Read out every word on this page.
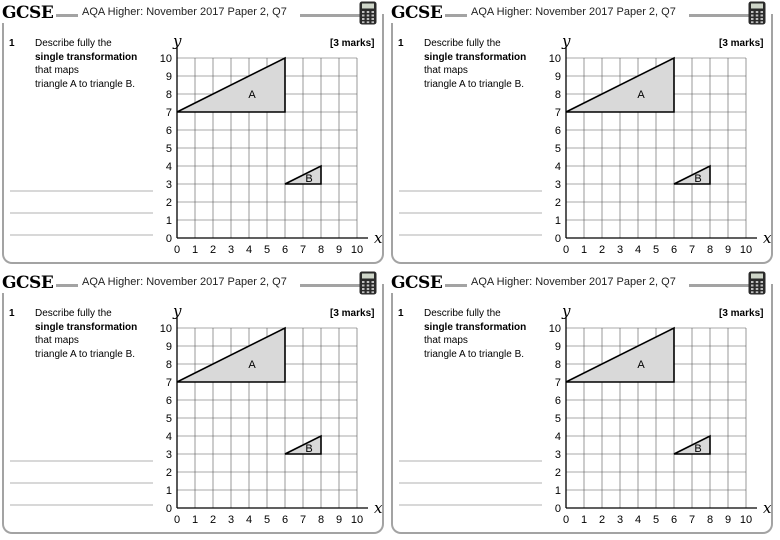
GCSE	AQA Higher: November 2017 Paper 2, Q7
1 Describe fully the
single transformation
that maps
triangle A to triangle B.
[3 marks]
A
B
0 1 2 3 4 5 6 7 8 9 10
0
1
2
3
4
5
6
7
8
9
10
x
y
GCSE	AQA Higher: November 2017 Paper 2, Q7
1 Describe fully the
single transformation
that maps
triangle A to triangle B.
[3 marks]
A
B
0 1 2 3 4 5 6 7 8 9 10
0
1
2
3
4
5
6
7
8
9
10
x
y
GCSE	AQA Higher: November 2017 Paper 2, Q7
1 Describe fully the
single transformation
that maps
triangle A to triangle B.
[3 marks]
A
B
0 1 2 3 4 5 6 7 8 9 10
0
1
2
3
4
5
6
7
8
9
10
x
y
GCSE	AQA Higher: November 2017 Paper 2, Q7
1 Describe fully the
single transformation
that maps
triangle A to triangle B.
[3 marks]
A
B
0 1 2 3 4 5 6 7 8 9 10
0
1
2
3
4
5
6
7
8
9
10
x
y
